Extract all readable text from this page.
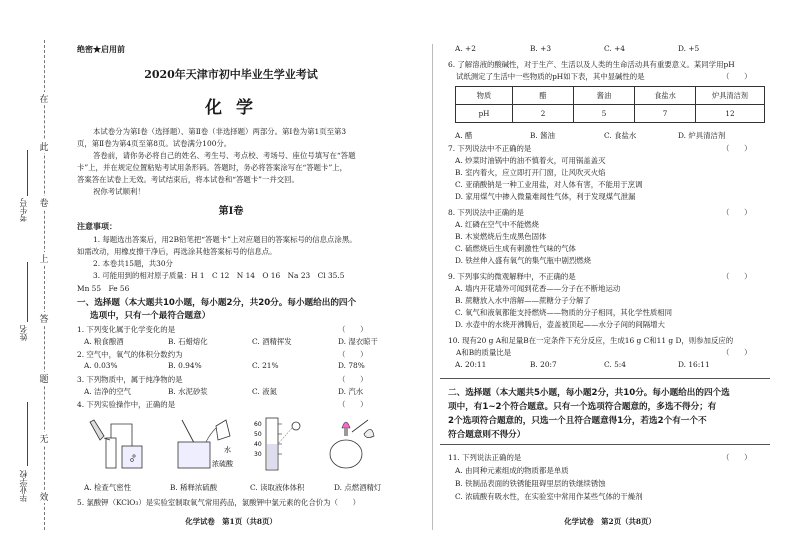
在
此
卷
上
答
题
无
效
考生号
姓名
毕业学校
绝密★启用前
2020年天津市初中毕业生学业考试
化 学
本试卷分为第Ⅰ卷（选择题）、第Ⅱ卷（非选择题）两部分。第Ⅰ卷为第1页至第3
页，第Ⅱ卷为第4页至第8页。试卷满分100分。
答卷前，请你务必将自己的姓名、考生号、考点校、考场号、座位号填写在“答题
卡”上，并在规定位置粘贴考试用条形码。答题时，务必将答案涂写在“答题卡”上，
答案答在试卷上无效。考试结束后，将本试卷和“答题卡”一并交回。
祝你考试顺利！
第Ⅰ卷
注意事项：
1. 每题选出答案后，用2B铅笔把“答题卡”上对应题目的答案标号的信息点涂黑。
如需改动，用橡皮擦干净后，再选涂其他答案标号的信息点。
2. 本卷共15题，共30分
3. 可能用到的相对原子质量：H 1　C 12　N 14　O 16　Na 23　Cl 35.5
Mn 55　Fe 56
一、选择题（本大题共10小题，每小题2分，共20分。每小题给出的四个
选项中，只有一个最符合题意）
1. 下列变化属于化学变化的是	（　　）
A. 粮食酿酒	B. 石蜡熔化	C. 酒精挥发	D. 湿衣晾干
2. 空气中，氧气的体积分数约为	（　　）
A. 0.03%	B. 0.94%	C. 21%	D. 78%
3. 下列物质中，属于纯净物的是	（　　）
A. 洁净的空气	B. 水泥砂浆	C. 液氮	D. 汽水
4. 下列实验操作中，正确的是	（　　）
水
浓硫酸
60
50
40
30
A. 检查气密性	B. 稀释浓硫酸	C. 读取液体体积	D. 点燃酒精灯
5. 氯酸钾（KClO₃）是实验室制取氧气常用药品，氯酸钾中氯元素的化合价为（　　）
化学试卷　第1页（共8页）
A. +2	B. +3	C. +4	D. +5
6. 了解溶液的酸碱性，对于生产、生活以及人类的生命活动具有重要意义。某同学用pH
试纸测定了生活中一些物质的pH如下表，其中显碱性的是	（　　）
物质	醋	酱油	食盐水	炉具清洁剂
pH	2	5	7	12
A. 醋	B. 酱油	C. 食盐水	D. 炉具清洁剂
7. 下列说法中不正确的是	（　　）
A. 炒菜时油锅中的油不慎着火，可用锅盖盖灭
B. 室内着火，应立即打开门窗，让风吹灭火焰
C. 亚硝酸钠是一种工业用盐，对人体有害，不能用于烹调
D. 家用煤气中掺入微量难闻性气体，利于发现煤气泄漏
8. 下列说法中正确的是	（　　）
A. 红磷在空气中不能燃烧
B. 木炭燃烧后生成黑色固体
C. 硫燃烧后生成有刺激性气味的气体
D. 铁丝伸入盛有氧气的集气瓶中剧烈燃烧
9. 下列事实的微观解释中，不正确的是	（　　）
A. 墙内开花墙外可闻到花香——分子在不断地运动
B. 蔗糖放入水中溶解——蔗糖分子分解了
C. 氧气和液氧都能支持燃烧——物质的分子相同，其化学性质相同
D. 水壶中的水烧开沸腾后，壶盖被顶起——水分子间的间隔增大
10. 现有20 g A和足量B在一定条件下充分反应，生成16 g C和11 g D，则参加反应的
A和B的质量比是	（　　）
A. 20:11	B. 20:7	C. 5:4	D. 16:11
二、选择题（本大题共5小题，每小题2分，共10分。每小题给出的四个选
项中，有1~2个符合题意。只有一个选项符合题意的，多选不得分；有
2个选项符合题意的，只选一个且符合题意得1分，若选2个有一个不
符合题意则不得分）
11. 下列说法正确的是	（　　）
A. 由同种元素组成的物质都是单质
B. 铁制品表面的铁锈能阻碍里层的铁继续锈蚀
C. 浓硫酸有吸水性，在实验室中常用作某些气体的干燥剂
化学试卷　第2页（共8页）
